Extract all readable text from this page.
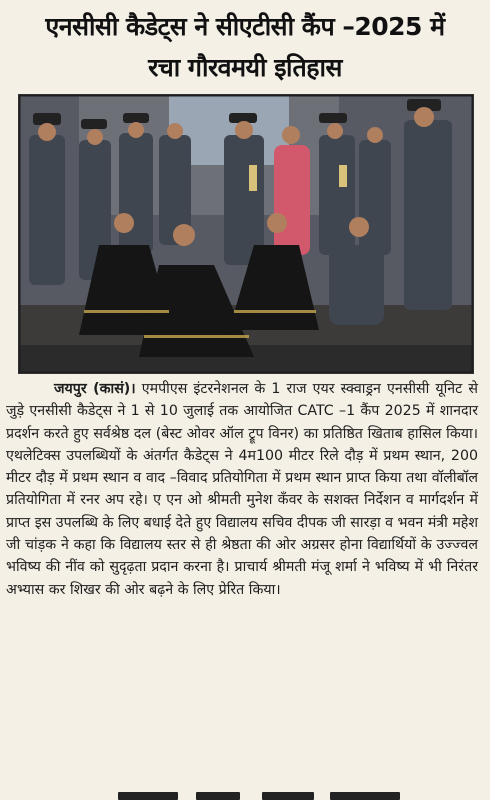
एनसीसी कैडेट्स ने सीएटीसी कैंप –2025 में
रचा गौरवमयी इतिहास

जयपुर (कासं)। एमपीएस इंटरनेशनल के 1 राज एयर स्क्वाड्रन एनसीसी यूनिट से जुड़े एनसीसी कैडेट्स ने 1 से 10 जुलाई तक आयोजित CATC –1 कैंप 2025 में शानदार प्रदर्शन करते हुए सर्वश्रेष्ठ दल (बेस्ट ओवर ऑल ट्रूप विनर) का प्रतिष्ठित खिताब हासिल किया। एथलेटिक्स उपलब्धियों के अंतर्गत कैडेट्स ने 4म100 मीटर रिले दौड़ में प्रथम स्थान, 200 मीटर दौड़ में प्रथम स्थान व वाद –विवाद प्रतियोगिता में प्रथम स्थान प्राप्त किया तथा वॉलीबॉल प्रतियोगिता में रनर अप रहे। ए एन ओ श्रीमती मुनेश कँवर के सशक्त निर्देशन व मार्गदर्शन में प्राप्त इस उपलब्धि के लिए बधाई देते हुए विद्यालय सचिव दीपक जी सारड़ा व भवन मंत्री महेश जी चांड़क ने कहा कि विद्यालय स्तर से ही श्रेष्ठता की ओर अग्रसर होना विद्यार्थियों के उज्ज्वल भविष्य की नींव को सुदृढ़ता प्रदान करना है। प्राचार्य श्रीमती मंजू शर्मा ने भविष्य में भी निरंतर अभ्यास कर शिखर की ओर बढ़ने के लिए प्रेरित किया।
